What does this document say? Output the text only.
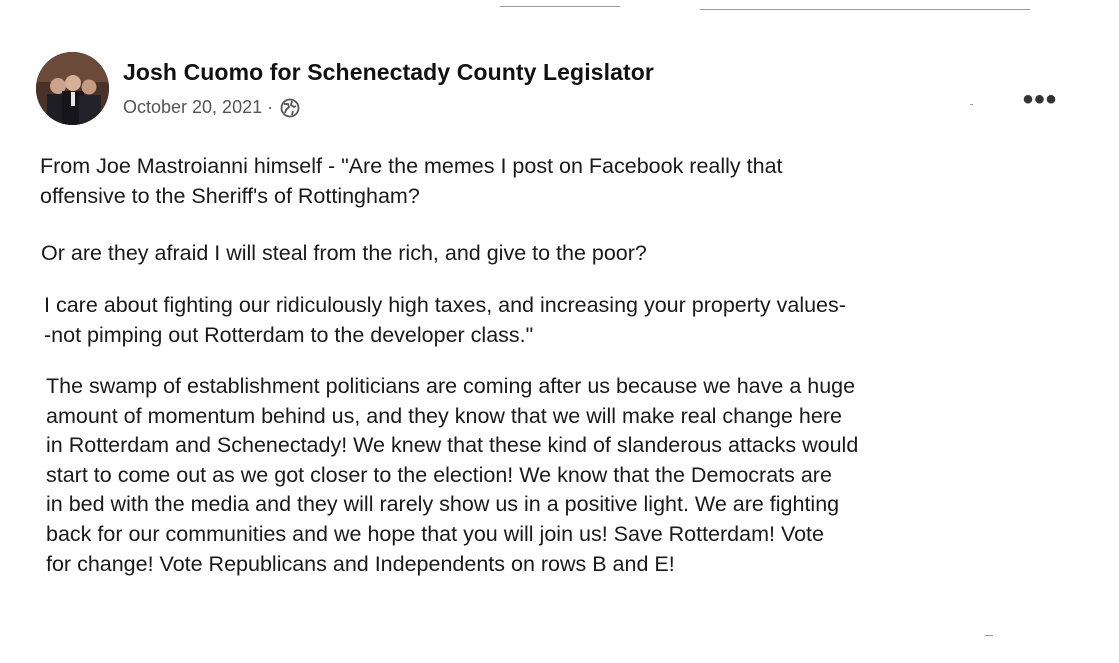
Josh Cuomo for Schenectady County Legislator
October 20, 2021 ·	•••

From Joe Mastroianni himself - "Are the memes I post on Facebook really that
offensive to the Sheriff's of Rottingham?

Or are they afraid I will steal from the rich, and give to the poor?

I care about fighting our ridiculously high taxes, and increasing your property values-
-not pimping out Rotterdam to the developer class."

The swamp of establishment politicians are coming after us because we have a huge
amount of momentum behind us, and they know that we will make real change here
in Rotterdam and Schenectady! We knew that these kind of slanderous attacks would
start to come out as we got closer to the election! We know that the Democrats are
in bed with the media and they will rarely show us in a positive light. We are fighting
back for our communities and we hope that you will join us! Save Rotterdam! Vote
for change! Vote Republicans and Independents on rows B and E!
